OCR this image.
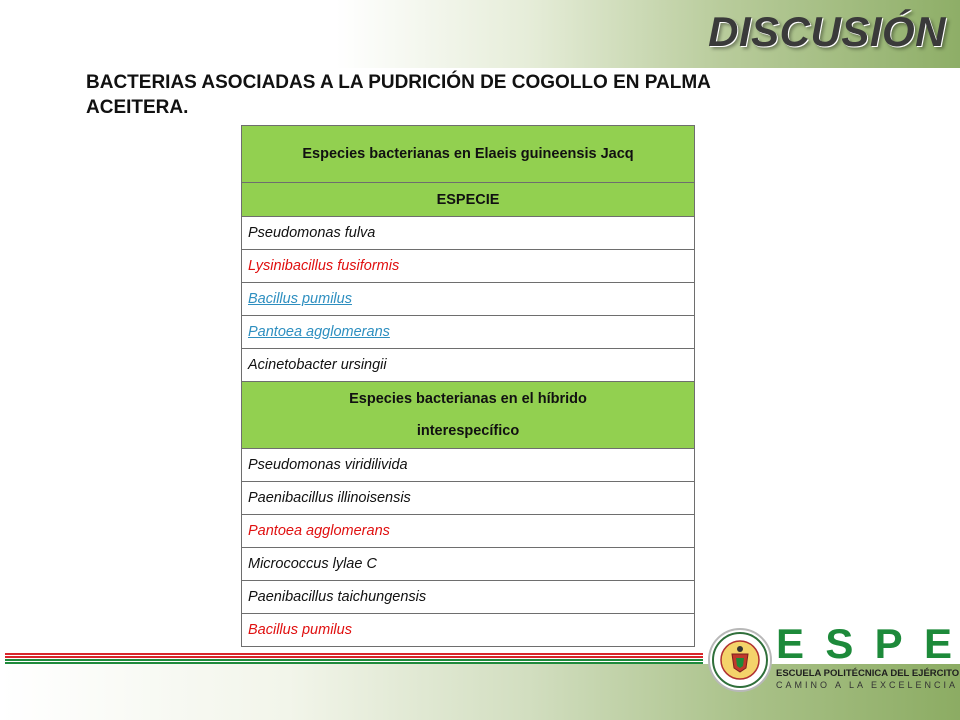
DISCUSIÓN
BACTERIAS ASOCIADAS A LA PUDRICIÓN DE COGOLLO EN PALMA
ACEITERA.
Especies bacterianas en Elaeis guineensis Jacq
ESPECIE
Pseudomonas fulva
Lysinibacillus fusiformis
Bacillus pumilus
Pantoea agglomerans
Acinetobacter ursingii

Especies bacterianas en el híbrido
interespecífico

Pseudomonas viridilivida
Paenibacillus illinoisensis
Pantoea agglomerans
Micrococcus lylae C
Paenibacillus taichungensis
Bacillus pumilus	E S P E
ESCUELA POLITÉCNICA DEL EJÉRCITO
CAMINO A LA EXCELENCIA
